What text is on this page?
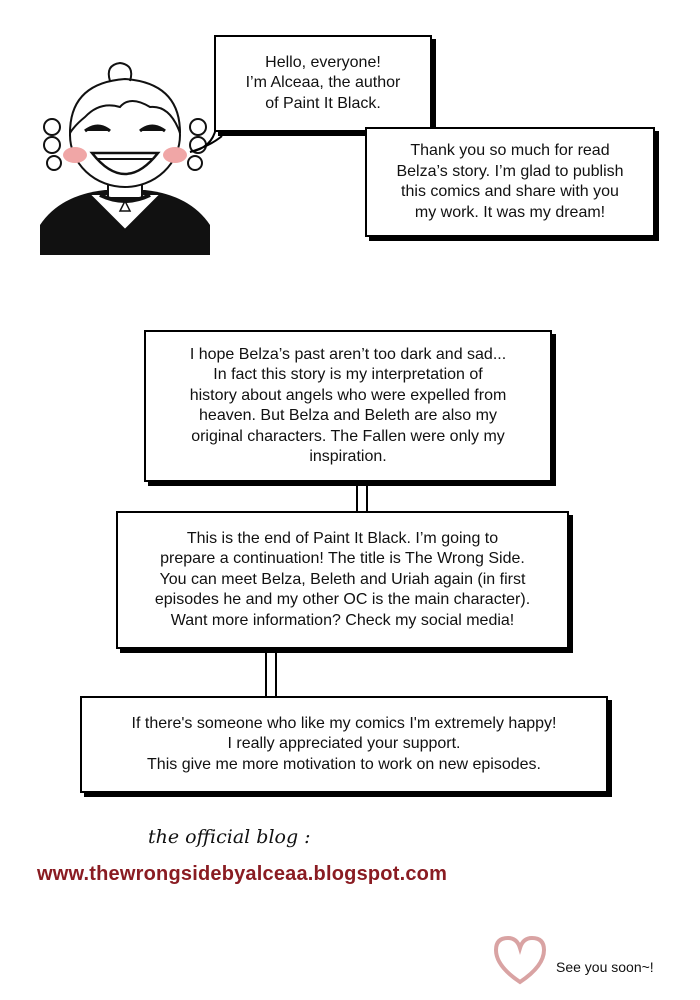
Hello, everyone!

I’m Alceaa, the author

of Paint It Black.

Thank you so much for read

Belza’s story. I’m glad to publish

this comics and share with you

my work. It was my dream!

I hope Belza’s past aren’t too dark and sad...

In fact this story is my interpretation of

history about angels who were expelled from

heaven. But Belza and Beleth are also my

original characters. The Fallen were only my

inspiration.

This is the end of Paint It Black. I’m going to

prepare a continuation! The title is The Wrong Side.

You can meet Belza, Beleth and Uriah again (in first

episodes he and my other OC is the main character).

Want more information? Check my social media!

If there's someone who like my comics I'm extremely happy!

I really appreciated your support.

This give me more motivation to work on new episodes.

the official blog :
www.thewrongsidebyalceaa.blogspot.com
See you soon~!
